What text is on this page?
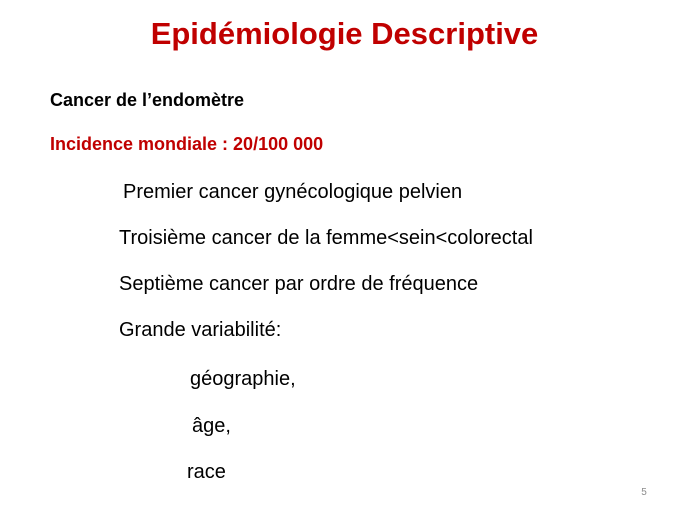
Epidémiologie Descriptive
Cancer de l’endomètre
Incidence mondiale : 20/100 000
Premier cancer gynécologique pelvien
Troisième cancer de la femme<sein<colorectal
Septième cancer par ordre de fréquence
Grande variabilité:
géographie,
âge,
race
5
